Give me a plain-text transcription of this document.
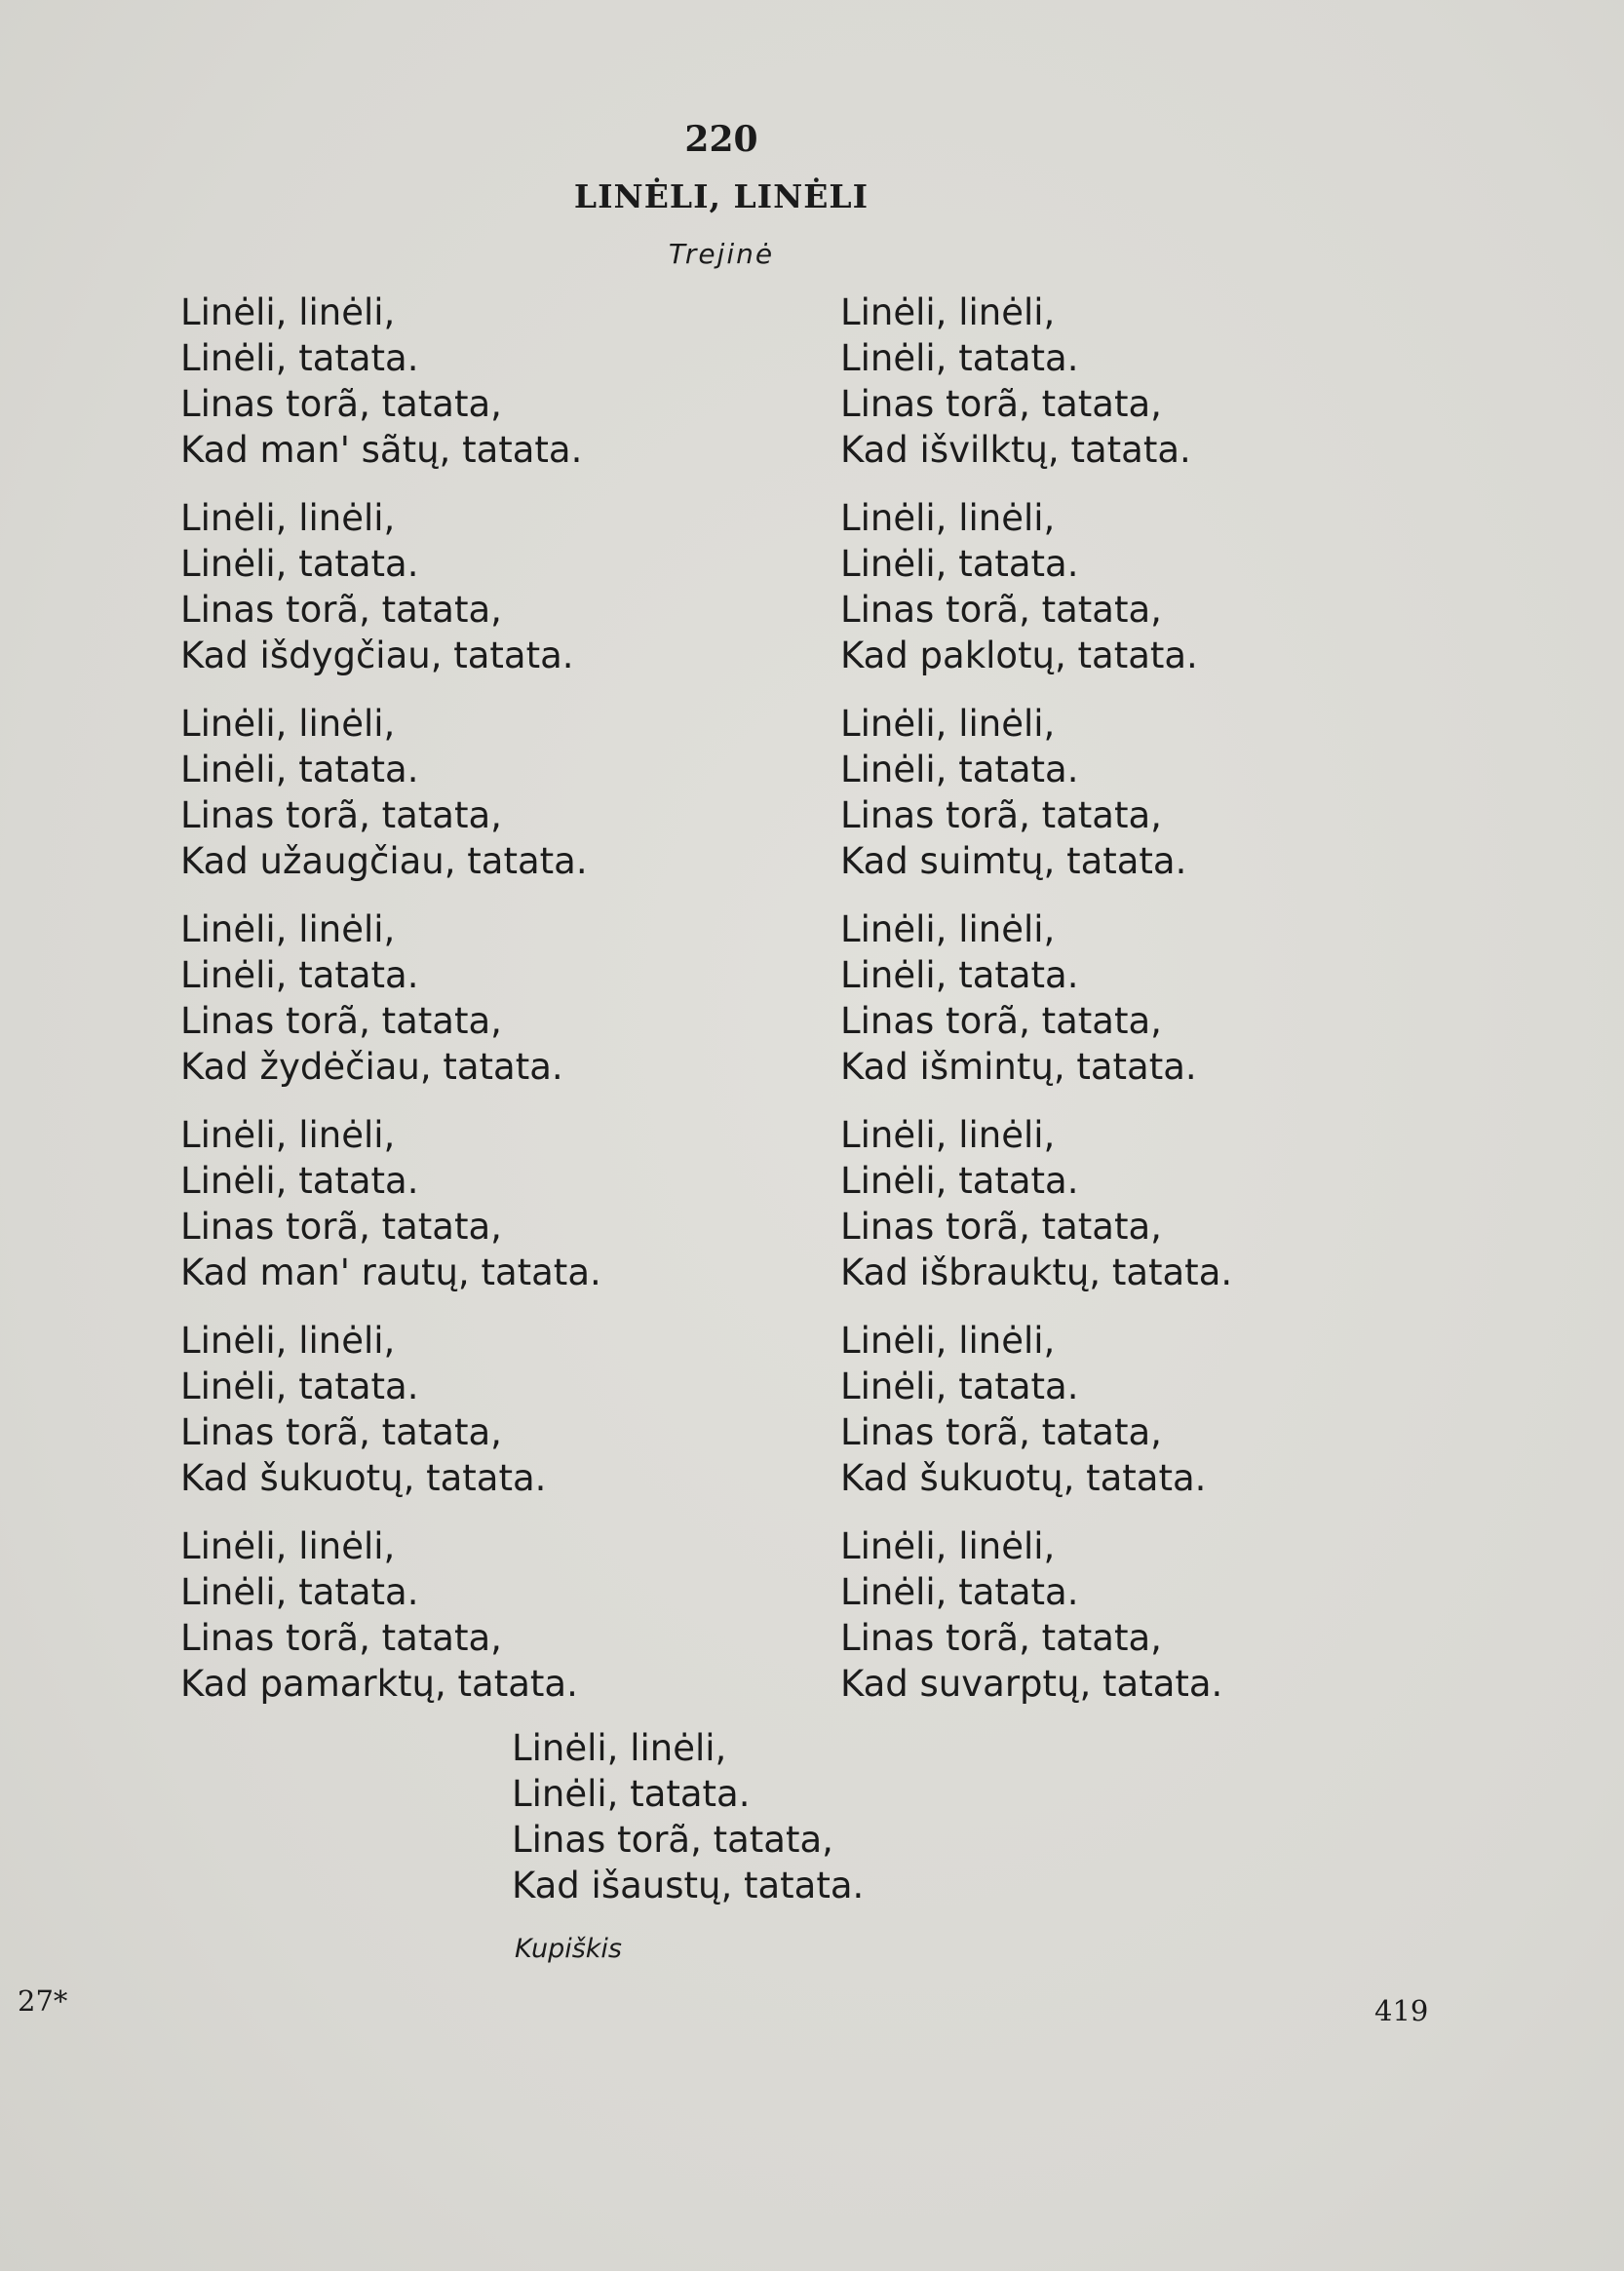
220
LINĖLI, LINĖLI
Trejinė
Linėli, linėli,
Linėli, tatata.
Linas torã, tatata,
Kad man' sãtų, tatata.
Linėli, linėli,
Linėli, tatata.
Linas torã, tatata,
Kad išdygčiau, tatata.
Linėli, linėli,
Linėli, tatata.
Linas torã, tatata,
Kad užaugčiau, tatata.
Linėli, linėli,
Linėli, tatata.
Linas torã, tatata,
Kad žydėčiau, tatata.
Linėli, linėli,
Linėli, tatata.
Linas torã, tatata,
Kad man' rautų, tatata.
Linėli, linėli,
Linėli, tatata.
Linas torã, tatata,
Kad šukuotų, tatata.
Linėli, linėli,
Linėli, tatata.
Linas torã, tatata,
Kad pamarktų, tatata.
Linėli, linėli,
Linėli, tatata.
Linas torã, tatata,
Kad išvilktų, tatata.
Linėli, linėli,
Linėli, tatata.
Linas torã, tatata,
Kad paklotų, tatata.
Linėli, linėli,
Linėli, tatata.
Linas torã, tatata,
Kad suimtų, tatata.
Linėli, linėli,
Linėli, tatata.
Linas torã, tatata,
Kad išmintų, tatata.
Linėli, linėli,
Linėli, tatata.
Linas torã, tatata,
Kad išbrauktų, tatata.
Linėli, linėli,
Linėli, tatata.
Linas torã, tatata,
Kad šukuotų, tatata.
Linėli, linėli,
Linėli, tatata.
Linas torã, tatata,
Kad suvarptų, tatata.
Linėli, linėli,
Linėli, tatata.
Linas torã, tatata,
Kad išaustų, tatata.
Kupiškis
27*	419
